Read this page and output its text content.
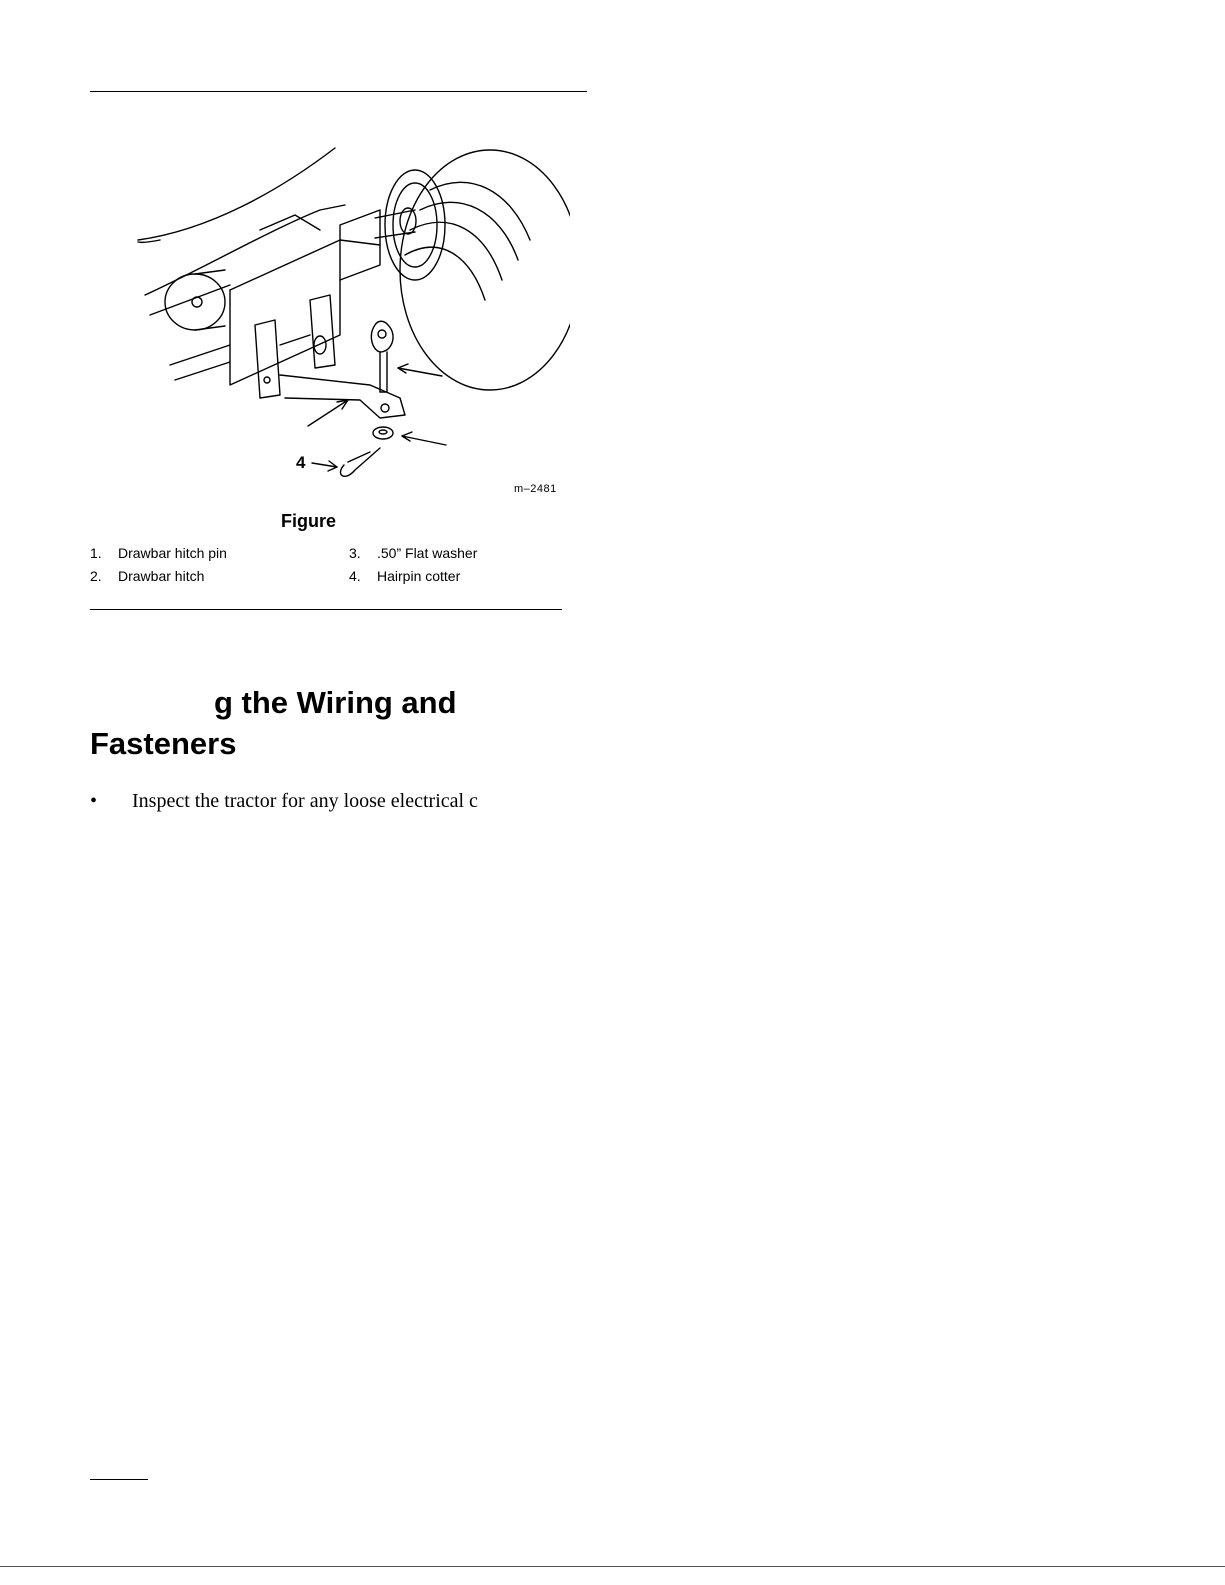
4
m–2481
Figure
1. Drawbar hitch pin
2. Drawbar hitch
3. .50” Flat washer
4. Hairpin cotter
g the Wiring and
Fasteners
• Inspect the tractor for any loose electrical c
